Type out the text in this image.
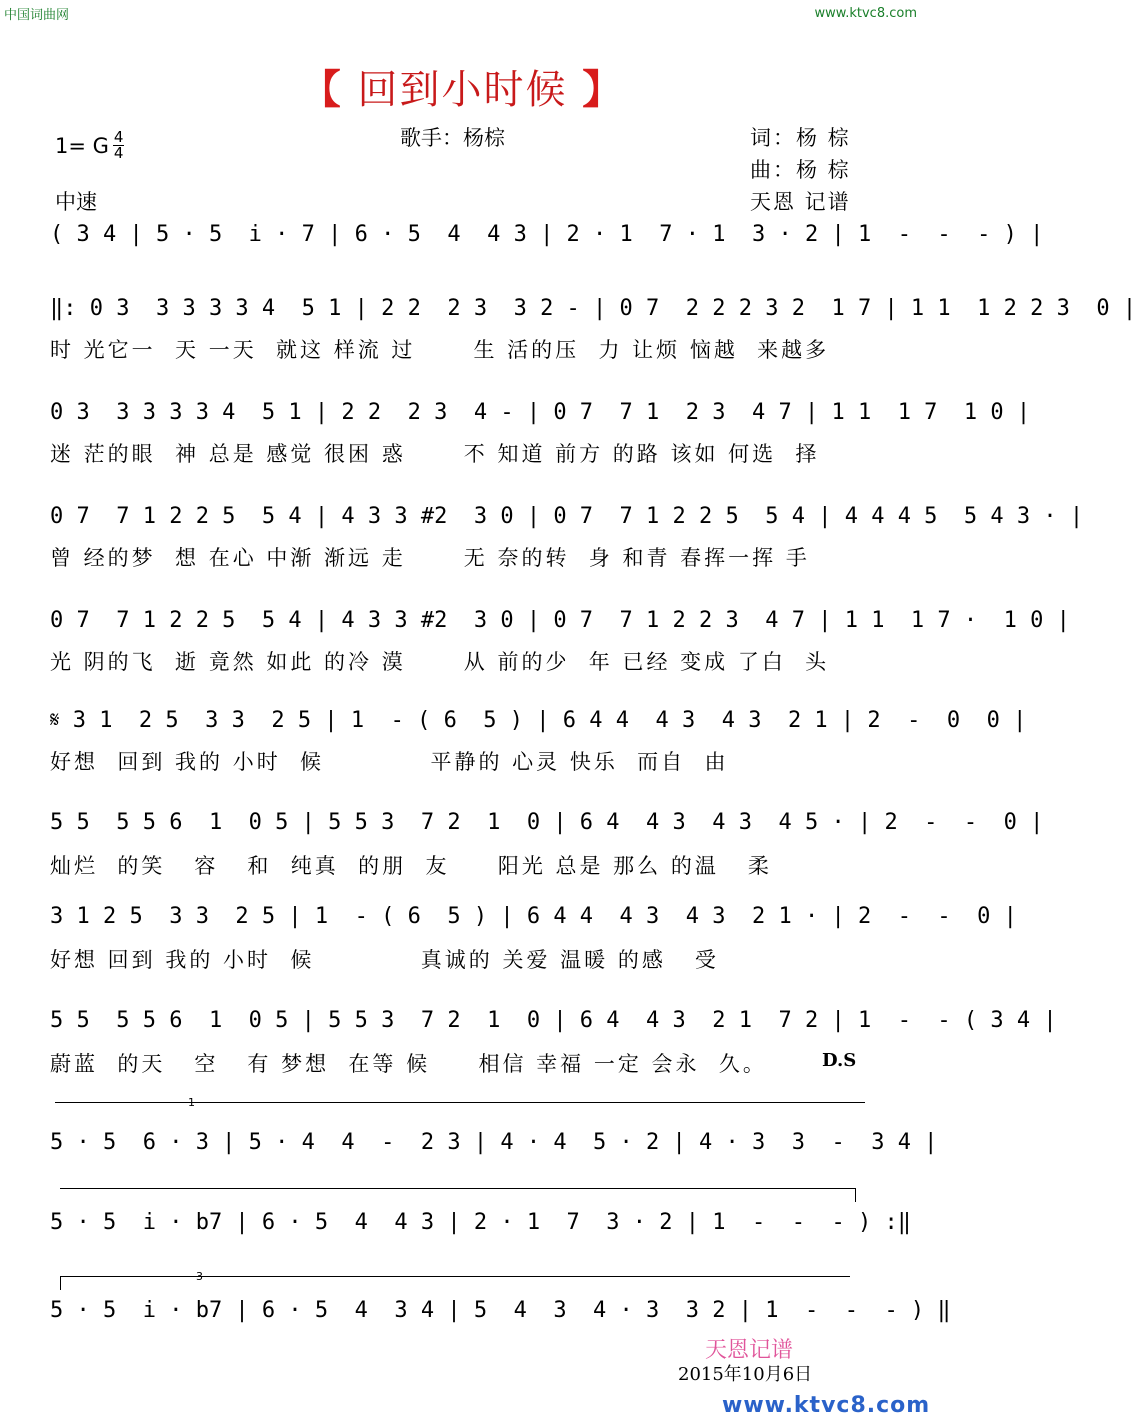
中国词曲网	www.ktvc8.com
【 回到小时候 】
1= G $\frac{4}{4}$
中速
歌手：杨棕	词：杨 棕
曲：杨 棕
天恩 记谱
( 3 4 | 5 · 5  i · 7 | 6 · 5  4  4 3 | 2 · 1  7 · 1  3 · 2 | 1  -  -  - ) |
‖: 0 3  3 3 3 3 4  5 1 | 2 2  2 3  3 2 - | 0 7  2 2 2 3 2  1 7 | 1 1  1 2 2 3  0 |
时 光它一  天 一天  就这 样流 过      生 活的压  力 让烦 恼越  来越多
0 3  3 3 3 3 4  5 1 | 2 2  2 3  4 - | 0 7  7 1  2 3  4 7 | 1 1  1 7  1 0 |
迷 茫的眼  神 总是 感觉 很困 惑      不 知道 前方 的路 该如 何选  择
0 7  7 1 2 2 5  5 4 | 4 3 3 #2  3 0 | 0 7  7 1 2 2 5  5 4 | 4 4 4 5  5 4 3 · |
曾 经的梦  想 在心 中渐 渐远 走      无 奈的转  身 和青 春挥一挥 手
0 7  7 1 2 2 5  5 4 | 4 3 3 #2  3 0 | 0 7  7 1 2 2 3  4 7 | 1 1  1 7 ·  1 0 |
光 阴的飞  逝 竟然 如此 的冷 漠      从 前的少  年 已经 变成 了白  头
𝄋 3 1  2 5  3 3  2 5 | 1  - ( 6  5 ) | 6 4 4  4 3  4 3  2 1 | 2  -  0  0 |
好想  回到 我的 小时  候           平静的 心灵 快乐  而自  由
5 5  5 5 6  1  0 5 | 5 5 3  7 2  1  0 | 6 4  4 3  4 3  4 5 · | 2  -  -  0 |
灿烂  的笑   容   和  纯真  的朋  友     阳光 总是 那么 的温   柔
3 1 2 5  3 3  2 5 | 1  - ( 6  5 ) | 6 4 4  4 3  4 3  2 1 · | 2  -  -  0 |
好想 回到 我的 小时  候           真诚的 关爱 温暖 的感   受
5 5  5 5 6  1  0 5 | 5 5 3  7 2  1  0 | 6 4  4 3  2 1  7 2 | 1  -  - ( 3 4 |
蔚蓝  的天   空   有 梦想  在等 候     相信 幸福 一定 会永  久。	D.S
1
5 · 5  6 · 3 | 5 · 4  4  -  2 3 | 4 · 4  5 · 2 | 4 · 3  3  -  3 4 |
5 · 5  i · b7 | 6 · 5  4  4 3 | 2 · 1  7  3 · 2 | 1  -  -  - ) :‖
3
5 · 5  i · b7 | 6 · 5  4  3 4 | 5  4  3  4 · 3  3 2 | 1  -  -  - ) ‖
天恩记谱
2015年10月6日
www.ktvc8.com
